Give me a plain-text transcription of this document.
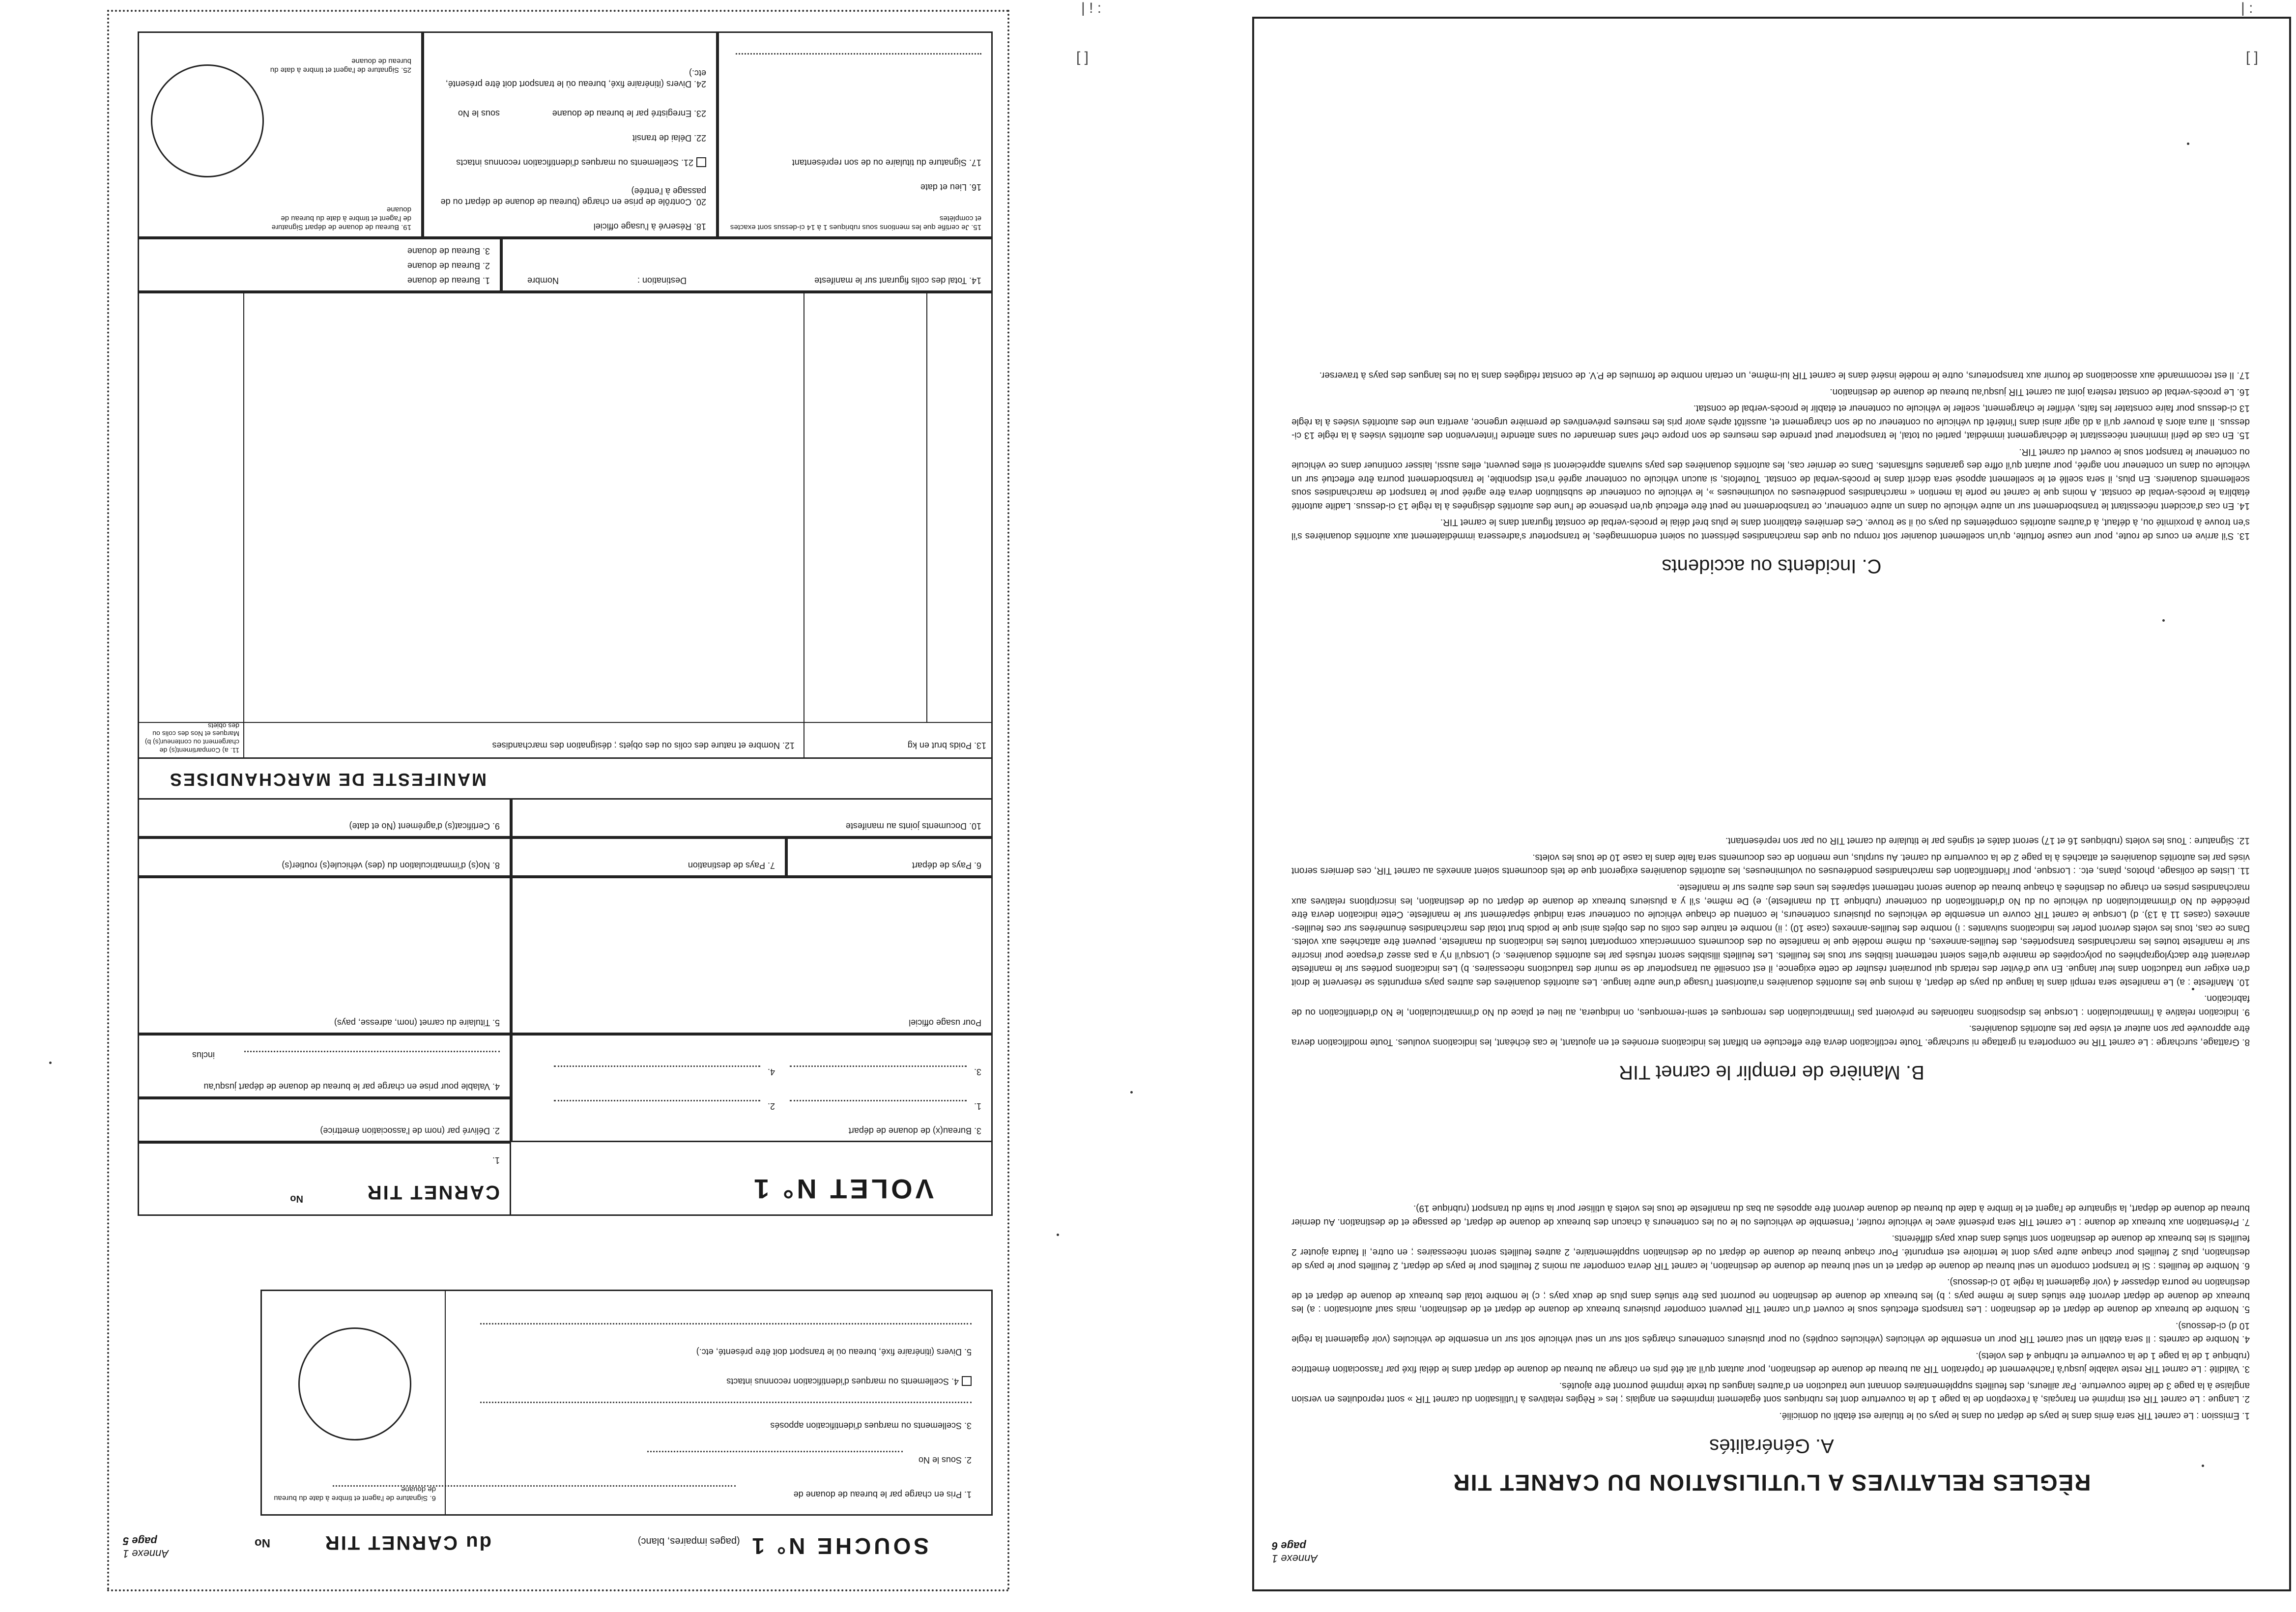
Annexe 1
page 5	SOUCHE N° 1 (pages impaires, blanc)
du CARNET TIR
No
1. Pris en charge par le bureau de douane de
2. Sous le No
3. Scellements ou marques d'identification apposés
4. Scellements ou marques d'identification reconnus intacts
5. Divers (itinéraire fixé, bureau où le transport doit être présenté, etc.)
6. Signature de l'agent et timbre à date du bureau de douane
VOLET N° 1
CARNET TIR
No
1.
2. Délivré par (nom de l'association émettrice)	3. Bureau(x) de douane de départ
1.
2.
3.
4.
4. Valable pour prise en charge par le bureau de douane de départ jusqu'au
inclus
Pour usage officiel
5. Titulaire du carnet (nom, adresse, pays)
6. Pays de départ
7. Pays de destination
8. No(s) d'immatriculation du (des) véhicule(s) routier(s)
10. Documents joints au manifeste
9. Certificat(s) d'agrément (No et date)
MANIFESTE DE MARCHANDISES
11. a) Compartiment(s) de chargement ou conteneur(s) b) Marques et Nos des colis ou des objets
12. Nombre et nature des colis ou des objets ; désignation des marchandises	13. Poids brut en kg
14. Total des colis figurant sur le manifeste
Destination :
Nombre
1. Bureau de douane
2. Bureau de douane
3. Bureau de douane
15. Je certifie que les mentions sous rubriques 1 à 14 ci-dessus sont exactes et complètes
16. Lieu et date
17. Signature du titulaire ou de son représentant
18. Réservé à l'usage officiel
20. Contrôle de prise en charge (bureau de douane de départ ou de passage à l'entrée)
21. Scellements ou marques d'identification reconnus intacts
22. Délai de transit
23. Enregistré par le bureau de douane
sous le No
24. Divers (itinéraire fixé, bureau où le transport doit être présenté, etc.)
19. Bureau de douane de départ Signature de l'agent et timbre à date du bureau de douane
25. Signature de l'agent et timbre à date du bureau de douane
Annexe 1
page 6
RÈGLES RELATIVES A L'UTILISATION DU CARNET TIR
A. Généralités

1. Emission : Le carnet TIR sera émis dans le pays de départ ou dans le pays où le titulaire est établi ou domicilié.

2. Langue : Le carnet TIR est imprimé en français, à l'exception de la page 1 de la couverture dont les rubriques sont également imprimées en anglais ; les « Règles relatives à l'utilisation du carnet TIR » sont reproduites en version anglaise à la page 3 de ladite couverture. Par ailleurs, des feuillets supplémentaires donnant une traduction en d'autres langues du texte imprimé pourront être ajoutés.

3. Validité : Le carnet TIR reste valable jusqu'à l'achèvement de l'opération TIR au bureau de douane de destination, pour autant qu'il ait été pris en charge au bureau de douane de départ dans le délai fixé par l'association émettrice (rubrique 1 de la page 1 de la couverture et rubrique 4 des volets).

4. Nombre de carnets : Il sera établi un seul carnet TIR pour un ensemble de véhicules (véhicules couplés) ou pour plusieurs conteneurs chargés soit sur un seul véhicule soit sur un ensemble de véhicules (voir également la règle 10 d) ci-dessous).

5. Nombre de bureaux de douane de départ et de destination : Les transports effectués sous le couvert d'un carnet TIR peuvent comporter plusieurs bureaux de douane de départ et de destination, mais sauf autorisation : a) les bureaux de douane de départ devront être situés dans le même pays ; b) les bureaux de douane de destination ne pourront pas être situés dans plus de deux pays ; c) le nombre total des bureaux de douane de départ et de destination ne pourra dépasser 4 (voir également la règle 10 ci-dessous).

6. Nombre de feuillets : Si le transport comporte un seul bureau de douane de départ et un seul bureau de douane de destination, le carnet TIR devra comporter au moins 2 feuillets pour le pays de départ, 2 feuillets pour le pays de destination, plus 2 feuillets pour chaque autre pays dont le territoire est emprunté. Pour chaque bureau de douane de départ ou de destination supplémentaire, 2 autres feuillets seront nécessaires ; en outre, il faudra ajouter 2 feuillets si les bureaux de douane de destination sont situés dans deux pays différents.

7. Présentation aux bureaux de douane : Le carnet TIR sera présenté avec le véhicule routier, l'ensemble de véhicules ou le ou les conteneurs à chacun des bureaux de douane de départ, de passage et de destination. Au dernier bureau de douane de départ, la signature de l'agent et le timbre à date du bureau de douane devront être apposés au bas du manifeste de tous les volets à utiliser pour la suite du transport (rubrique 19).

B. Manière de remplir le carnet TIR

8. Grattage, surcharge : Le carnet TIR ne comportera ni grattage ni surcharge. Toute rectification devra être effectuée en biffant les indications erronées et en ajoutant, le cas échéant, les indications voulues. Toute modification devra être approuvée par son auteur et visée par les autorités douanières.

9. Indication relative à l'immatriculation : Lorsque les dispositions nationales ne prévoient pas l'immatriculation des remorques et semi-remorques, on indiquera, au lieu et place du No d'immatriculation, le No d'identification ou de fabrication.

10. Manifeste : a) Le manifeste sera rempli dans la langue du pays de départ, à moins que les autorités douanières n'autorisent l'usage d'une autre langue. Les autorités douanières des autres pays empruntés se réservent le droit d'en exiger une traduction dans leur langue. En vue d'éviter des retards qui pourraient résulter de cette exigence, il est conseillé au transporteur de se munir des traductions nécessaires. b) Les indications portées sur le manifeste devraient être dactylographiées ou polycopiées de manière qu'elles soient nettement lisibles sur tous les feuillets. Les feuillets illisibles seront refusés par les autorités douanières. c) Lorsqu'il n'y a pas assez d'espace pour inscrire sur le manifeste toutes les marchandises transportées, des feuilles-annexes, du même modèle que le manifeste ou des documents commerciaux comportant toutes les indications du manifeste, peuvent être attachées aux volets. Dans ce cas, tous les volets devront porter les indications suivantes : i) nombre des feuilles-annexes (case 10) ; ii) nombre et nature des colis ou des objets ainsi que le poids brut total des marchandises énumérées sur ces feuilles-annexes (cases 11 à 13). d) Lorsque le carnet TIR couvre un ensemble de véhicules ou plusieurs conteneurs, le contenu de chaque véhicule ou conteneur sera indiqué séparément sur le manifeste. Cette indication devra être précédée du No d'immatriculation du véhicule ou du No d'identification du conteneur (rubrique 11 du manifeste). e) De même, s'il y a plusieurs bureaux de douane de départ ou de destination, les inscriptions relatives aux marchandises prises en charge ou destinées à chaque bureau de douane seront nettement séparées les unes des autres sur le manifeste.

11. Listes de colisage, photos, plans, etc. : Lorsque, pour l'identification des marchandises pondéreuses ou volumineuses, les autorités douanières exigeront que de tels documents soient annexés au carnet TIR, ces derniers seront visés par les autorités douanières et attachés à la page 2 de la couverture du carnet. Au surplus, une mention de ces documents sera faite dans la case 10 de tous les volets.

12. Signature : Tous les volets (rubriques 16 et 17) seront datés et signés par le titulaire du carnet TIR ou par son représentant.

C. Incidents ou accidents

13. S'il arrive en cours de route, pour une cause fortuite, qu'un scellement douanier soit rompu ou que des marchandises périssent ou soient endommagées, le transporteur s'adressera immédiatement aux autorités douanières s'il s'en trouve à proximité ou, à défaut, à d'autres autorités compétentes du pays où il se trouve. Ces dernières établiront dans le plus bref délai le procès-verbal de constat figurant dans le carnet TIR.

14. En cas d'accident nécessitant le transbordement sur un autre véhicule ou dans un autre conteneur, ce transbordement ne peut être effectué qu'en présence de l'une des autorités désignées à la règle 13 ci-dessus. Ladite autorité établira le procès-verbal de constat. A moins que le carnet ne porte la mention « marchandises pondéreuses ou volumineuses », le véhicule ou conteneur de substitution devra être agréé pour le transport de marchandises sous scellements douaniers. En plus, il sera scellé et le scellement apposé sera décrit dans le procès-verbal de constat. Toutefois, si aucun véhicule ou conteneur agréé n'est disponible, le transbordement pourra être effectué sur un véhicule ou dans un conteneur non agréé, pour autant qu'il offre des garanties suffisantes. Dans ce dernier cas, les autorités douanières des pays suivants apprécieront si elles peuvent, elles aussi, laisser continuer dans ce véhicule ou conteneur le transport sous le couvert du carnet TIR.

15. En cas de péril imminent nécessitant le déchargement immédiat, partiel ou total, le transporteur peut prendre des mesures de son propre chef sans demander ou sans attendre l'intervention des autorités visées à la règle 13 ci-dessus. Il aura alors à prouver qu'il a dû agir ainsi dans l'intérêt du véhicule ou conteneur ou de son chargement et, aussitôt après avoir pris les mesures préventives de première urgence, avertira une des autorités visées à la règle 13 ci-dessus pour faire constater les faits, vérifier le chargement, sceller le véhicule ou conteneur et établir le procès-verbal de constat.

16. Le procès-verbal de constat restera joint au carnet TIR jusqu'au bureau de douane de destination.

17. Il est recommandé aux associations de fournir aux transporteurs, outre le modèle inséré dans le carnet TIR lui-même, un certain nombre de formules de P.V. de constat rédigées dans la ou les langues des pays à traverser.

| ! :
[ ]
| :
[ ]
